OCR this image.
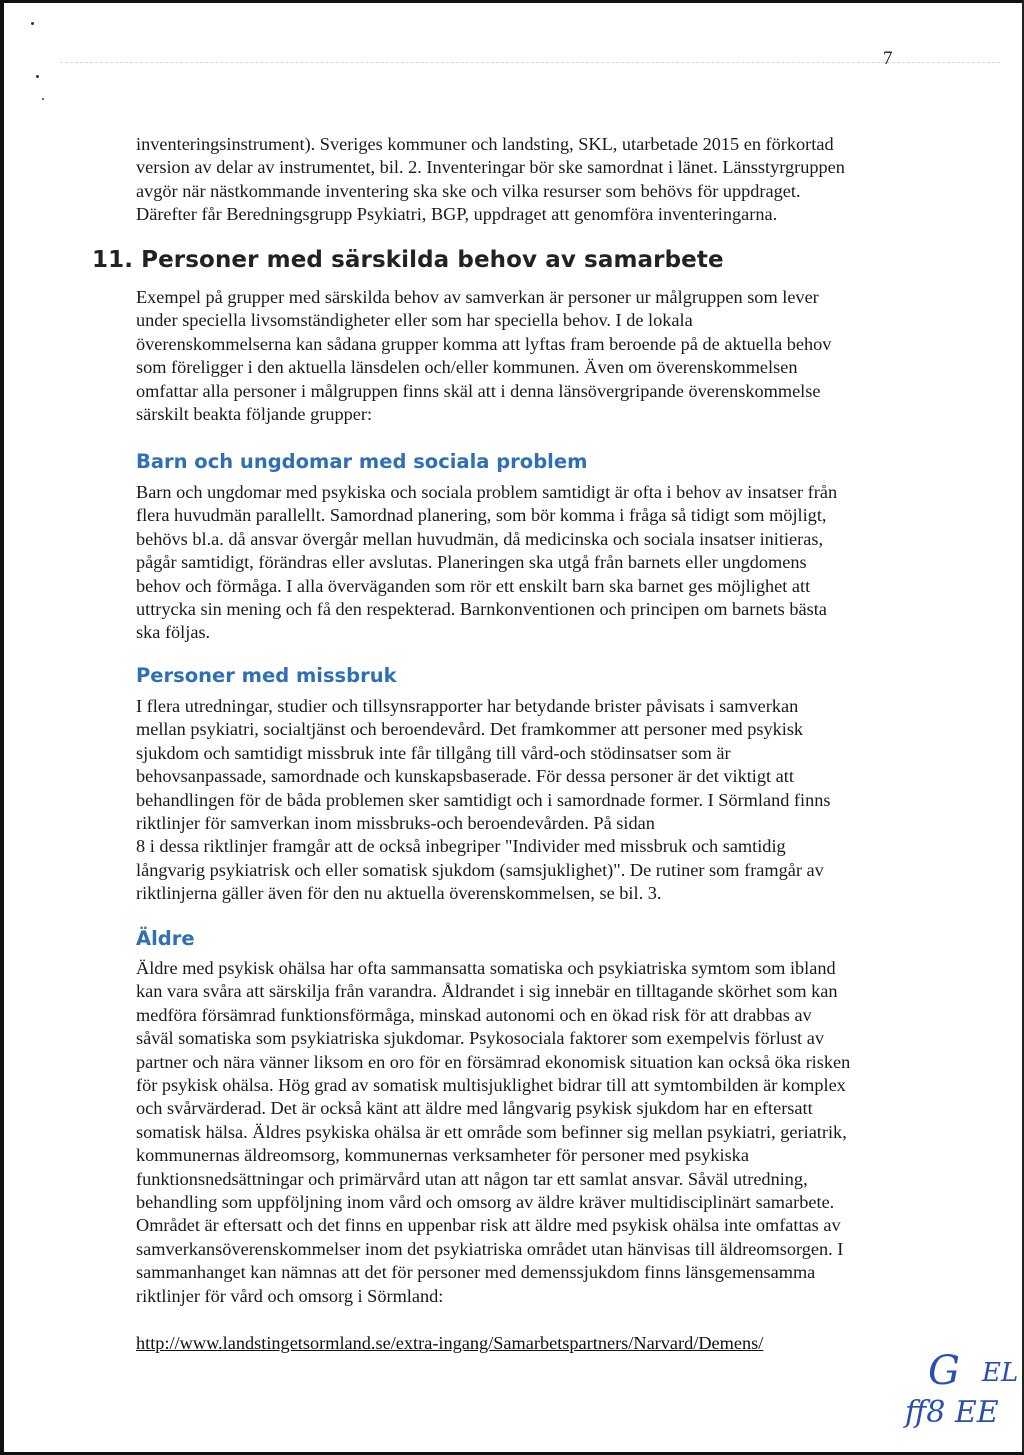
7

inventeringsinstrument). Sveriges kommuner och landsting, SKL, utarbetade 2015 en förkortad
version av delar av instrumentet, bil. 2. Inventeringar bör ske samordnat i länet. Länsstyrgruppen
avgör när nästkommande inventering ska ske och vilka resurser som behövs för uppdraget.
Därefter får Beredningsgrupp Psykiatri, BGP, uppdraget att genomföra inventeringarna.

11. Personer med särskilda behov av samarbete

Exempel på grupper med särskilda behov av samverkan är personer ur målgruppen som lever
under speciella livsomständigheter eller som har speciella behov. I de lokala
överenskommelserna kan sådana grupper komma att lyftas fram beroende på de aktuella behov
som föreligger i den aktuella länsdelen och/eller kommunen. Även om överenskommelsen
omfattar alla personer i målgruppen finns skäl att i denna länsövergripande överenskommelse
särskilt beakta följande grupper:

Barn och ungdomar med sociala problem

Barn och ungdomar med psykiska och sociala problem samtidigt är ofta i behov av insatser från
flera huvudmän parallellt. Samordnad planering, som bör komma i fråga så tidigt som möjligt,
behövs bl.a. då ansvar övergår mellan huvudmän, då medicinska och sociala insatser initieras,
pågår samtidigt, förändras eller avslutas. Planeringen ska utgå från barnets eller ungdomens
behov och förmåga. I alla överväganden som rör ett enskilt barn ska barnet ges möjlighet att
uttrycka sin mening och få den respekterad. Barnkonventionen och principen om barnets bästa
ska följas.

Personer med missbruk

I flera utredningar, studier och tillsynsrapporter har betydande brister påvisats i samverkan
mellan psykiatri, socialtjänst och beroendevård. Det framkommer att personer med psykisk
sjukdom och samtidigt missbruk inte får tillgång till vård-och stödinsatser som är
behovsanpassade, samordnade och kunskapsbaserade. För dessa personer är det viktigt att
behandlingen för de båda problemen sker samtidigt och i samordnade former. I Sörmland finns
riktlinjer för samverkan inom missbruks-och beroendevården. På sidan
8 i dessa riktlinjer framgår att de också inbegriper "Individer med missbruk och samtidig
långvarig psykiatrisk och eller somatisk sjukdom (samsjuklighet)". De rutiner som framgår av
riktlinjerna gäller även för den nu aktuella överenskommelsen, se bil. 3.

Äldre

Äldre med psykisk ohälsa har ofta sammansatta somatiska och psykiatriska symtom som ibland
kan vara svåra att särskilja från varandra. Åldrandet i sig innebär en tilltagande skörhet som kan
medföra försämrad funktionsförmåga, minskad autonomi och en ökad risk för att drabbas av
såväl somatiska som psykiatriska sjukdomar. Psykosociala faktorer som exempelvis förlust av
partner och nära vänner liksom en oro för en försämrad ekonomisk situation kan också öka risken
för psykisk ohälsa. Hög grad av somatisk multisjuklighet bidrar till att symtombilden är komplex
och svårvärderad. Det är också känt att äldre med långvarig psykisk sjukdom har en eftersatt
somatisk hälsa. Äldres psykiska ohälsa är ett område som befinner sig mellan psykiatri, geriatrik,
kommunernas äldreomsorg, kommunernas verksamheter för personer med psykiska
funktionsnedsättningar och primärvård utan att någon tar ett samlat ansvar. Såväl utredning,
behandling som uppföljning inom vård och omsorg av äldre kräver multidisciplinärt samarbete.
Området är eftersatt och det finns en uppenbar risk att äldre med psykisk ohälsa inte omfattas av
samverkansöverenskommelser inom det psykiatriska området utan hänvisas till äldreomsorgen. I
sammanhanget kan nämnas att det för personer med demenssjukdom finns länsgemensamma
riktlinjer för vård och omsorg i Sörmland:

http://www.landstingetsormland.se/extra-ingang/Samarbetspartners/Narvard/Demens/

G EL
ff8 EE
